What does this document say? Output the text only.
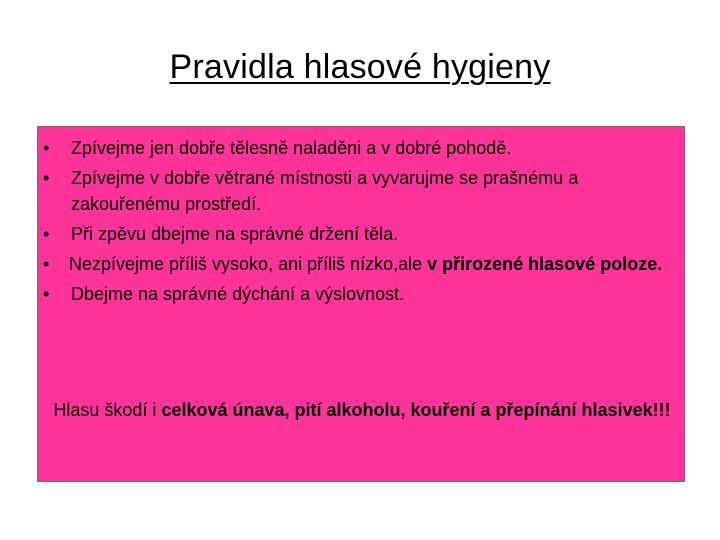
Pravidla hlasové hygieny
• Zpívejme jen dobře tělesně naladěni a v dobré pohodě.
• Zpívejme v dobře větrané místnosti a vyvarujme se prašnému a zakouřenému prostředí.
• Při zpěvu dbejme na správné držení těla.
• Nezpívejme příliš vysoko, ani příliš nízko,ale v přirozené hlasové poloze.
• Dbejme na správné dýchání a výslovnost.
Hlasu škodí i celková únava, pití alkoholu, kouření a přepínání hlasivek!!!
